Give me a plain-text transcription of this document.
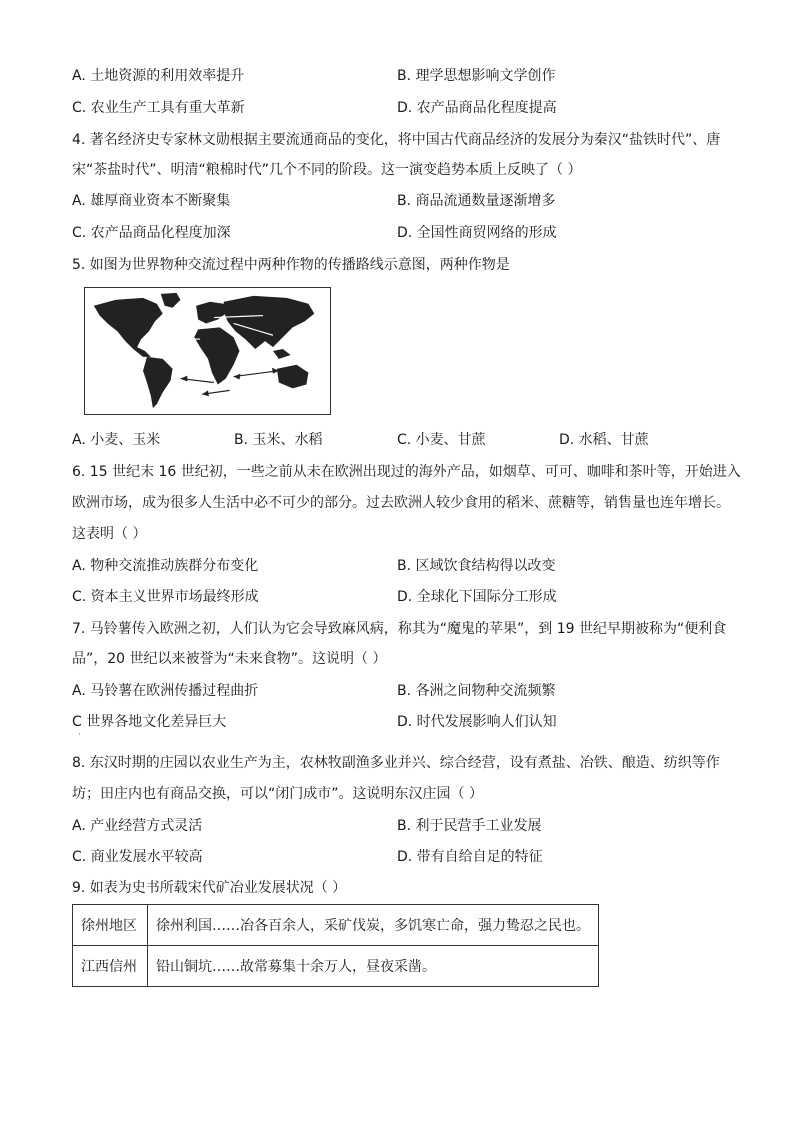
A. 土地资源的利用效率提升	B. 理学思想影响文学创作
C. 农业生产工具有重大革新	D. 农产品商品化程度提高
4. 著名经济史专家林文勋根据主要流通商品的变化，将中国古代商品经济的发展分为秦汉“盐铁时代”、唐
宋“茶盐时代”、明清“粮棉时代”几个不同的阶段。这一演变趋势本质上反映了（ ）
A. 雄厚商业资本不断聚集	B. 商品流通数量逐渐增多
C. 农产品商品化程度加深	D. 全国性商贸网络的形成
5. 如图为世界物种交流过程中两种作物的传播路线示意图，两种作物是
A. 小麦、玉米	B. 玉米、水稻	C. 小麦、甘蔗	D. 水稻、甘蔗
6. 15 世纪末 16 世纪初，一些之前从未在欧洲出现过的海外产品，如烟草、可可、咖啡和茶叶等，开始进入
欧洲市场，成为很多人生活中必不可少的部分。过去欧洲人较少食用的稻米、蔗糖等，销售量也连年增长。
这表明（ ）
A. 物种交流推动族群分布变化	B. 区域饮食结构得以改变
C. 资本主义世界市场最终形成	D. 全球化下国际分工形成
7. 马铃薯传入欧洲之初，人们认为它会导致麻风病，称其为“魔鬼的苹果”，到 19 世纪早期被称为“便利食
品”，20 世纪以来被誉为“未来食物”。这说明（ ）
A. 马铃薯在欧洲传播过程曲折	B. 各洲之间物种交流频繁
C 世界各地文化差异巨大	D. 时代发展影响人们认知
·
8. 东汉时期的庄园以农业生产为主，农林牧副渔多业并兴、综合经营，设有煮盐、冶铁、酿造、纺织等作
坊；田庄内也有商品交换，可以“闭门成市”。这说明东汉庄园（ ）
A. 产业经营方式灵活	B. 利于民营手工业发展
C. 商业发展水平较高	D. 带有自给自足的特征
9. 如表为史书所载宋代矿冶业发展状况（ ）
徐州地区	徐州利国……冶各百余人，采矿伐炭，多饥寒亡命，强力鸷忍之民也。
江西信州	铅山铜坑……故常募集十余万人，昼夜采凿。
